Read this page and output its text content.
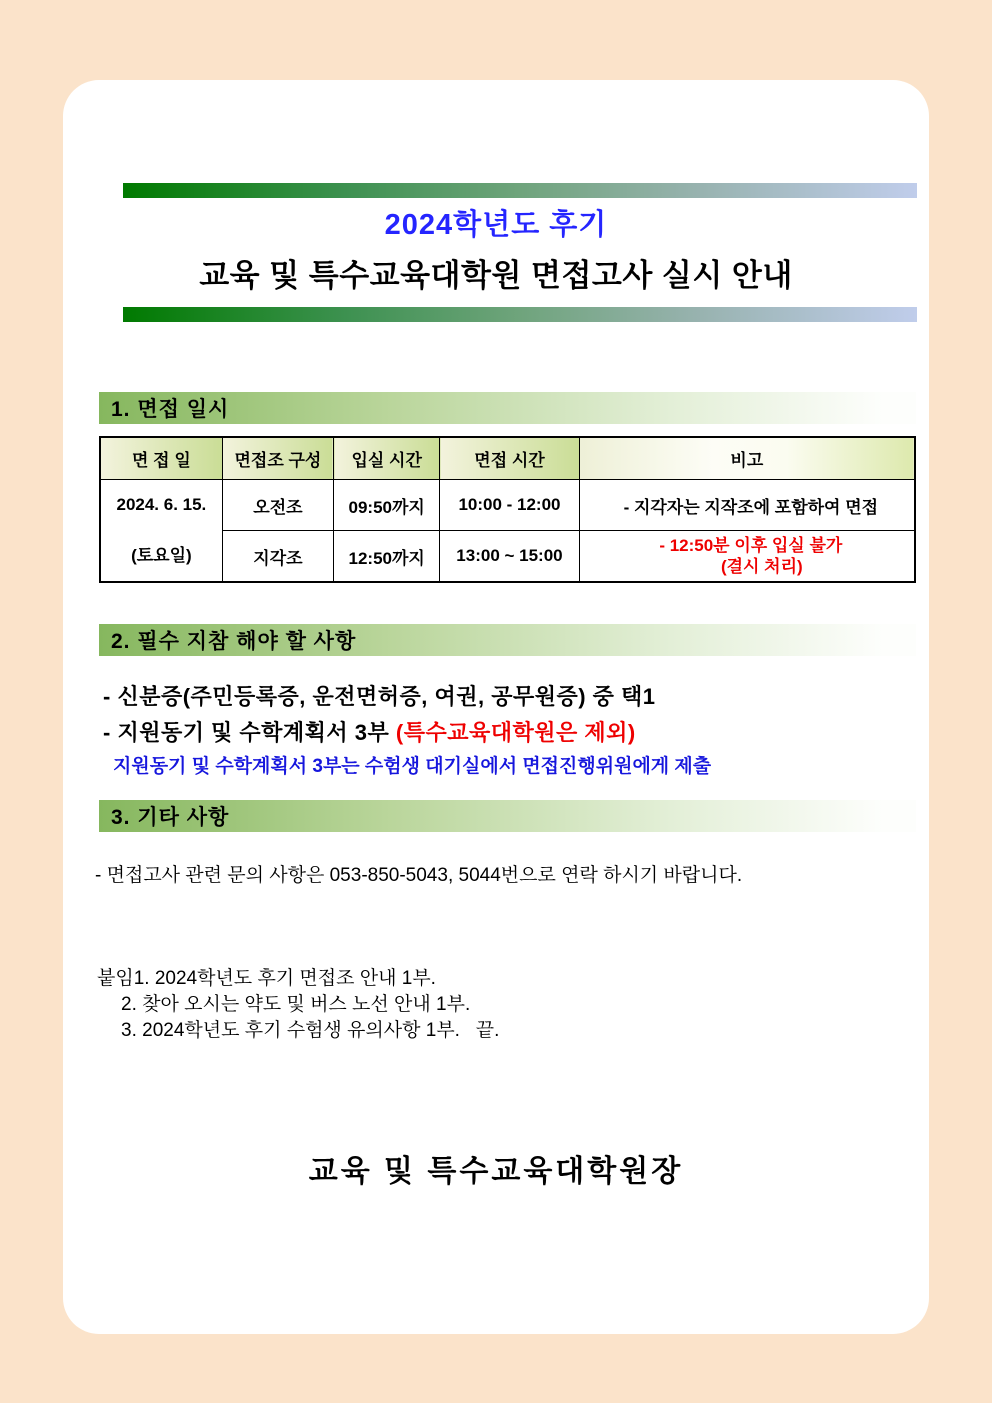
2024학년도 후기
교육 및 특수교육대학원 면접고사 실시 안내
1. 면접 일시
면 접 일	면접조 구성	입실 시간	면접 시간	비고

2024. 6. 15.
(토요일)	오전조	09:50까지	10:00 - 12:00	- 지각자는 지작조에 포함하여 면접
	지각조	12:50까지	13:00 ~ 15:00	- 12:50분 이후 입실 불가
(결시 처리)
2. 필수 지참 해야 할 사항
- 신분증(주민등록증, 운전면허증, 여권, 공무원증) 중 택1
- 지원동기 및 수학계획서 3부 (특수교육대학원은 제외)
지원동기 및 수학계획서 3부는 수험생 대기실에서 면접진행위원에게 제출
3. 기타 사항
- 면접고사 관련 문의 사항은 053-850-5043, 5044번으로 연락 하시기 바랍니다.
붙임1. 2024학년도 후기 면접조 안내 1부.
2. 찾아 오시는 약도 및 버스 노선 안내 1부.
3. 2024학년도 후기 수험생 유의사항 1부.   끝.
교육 및 특수교육대학원장
